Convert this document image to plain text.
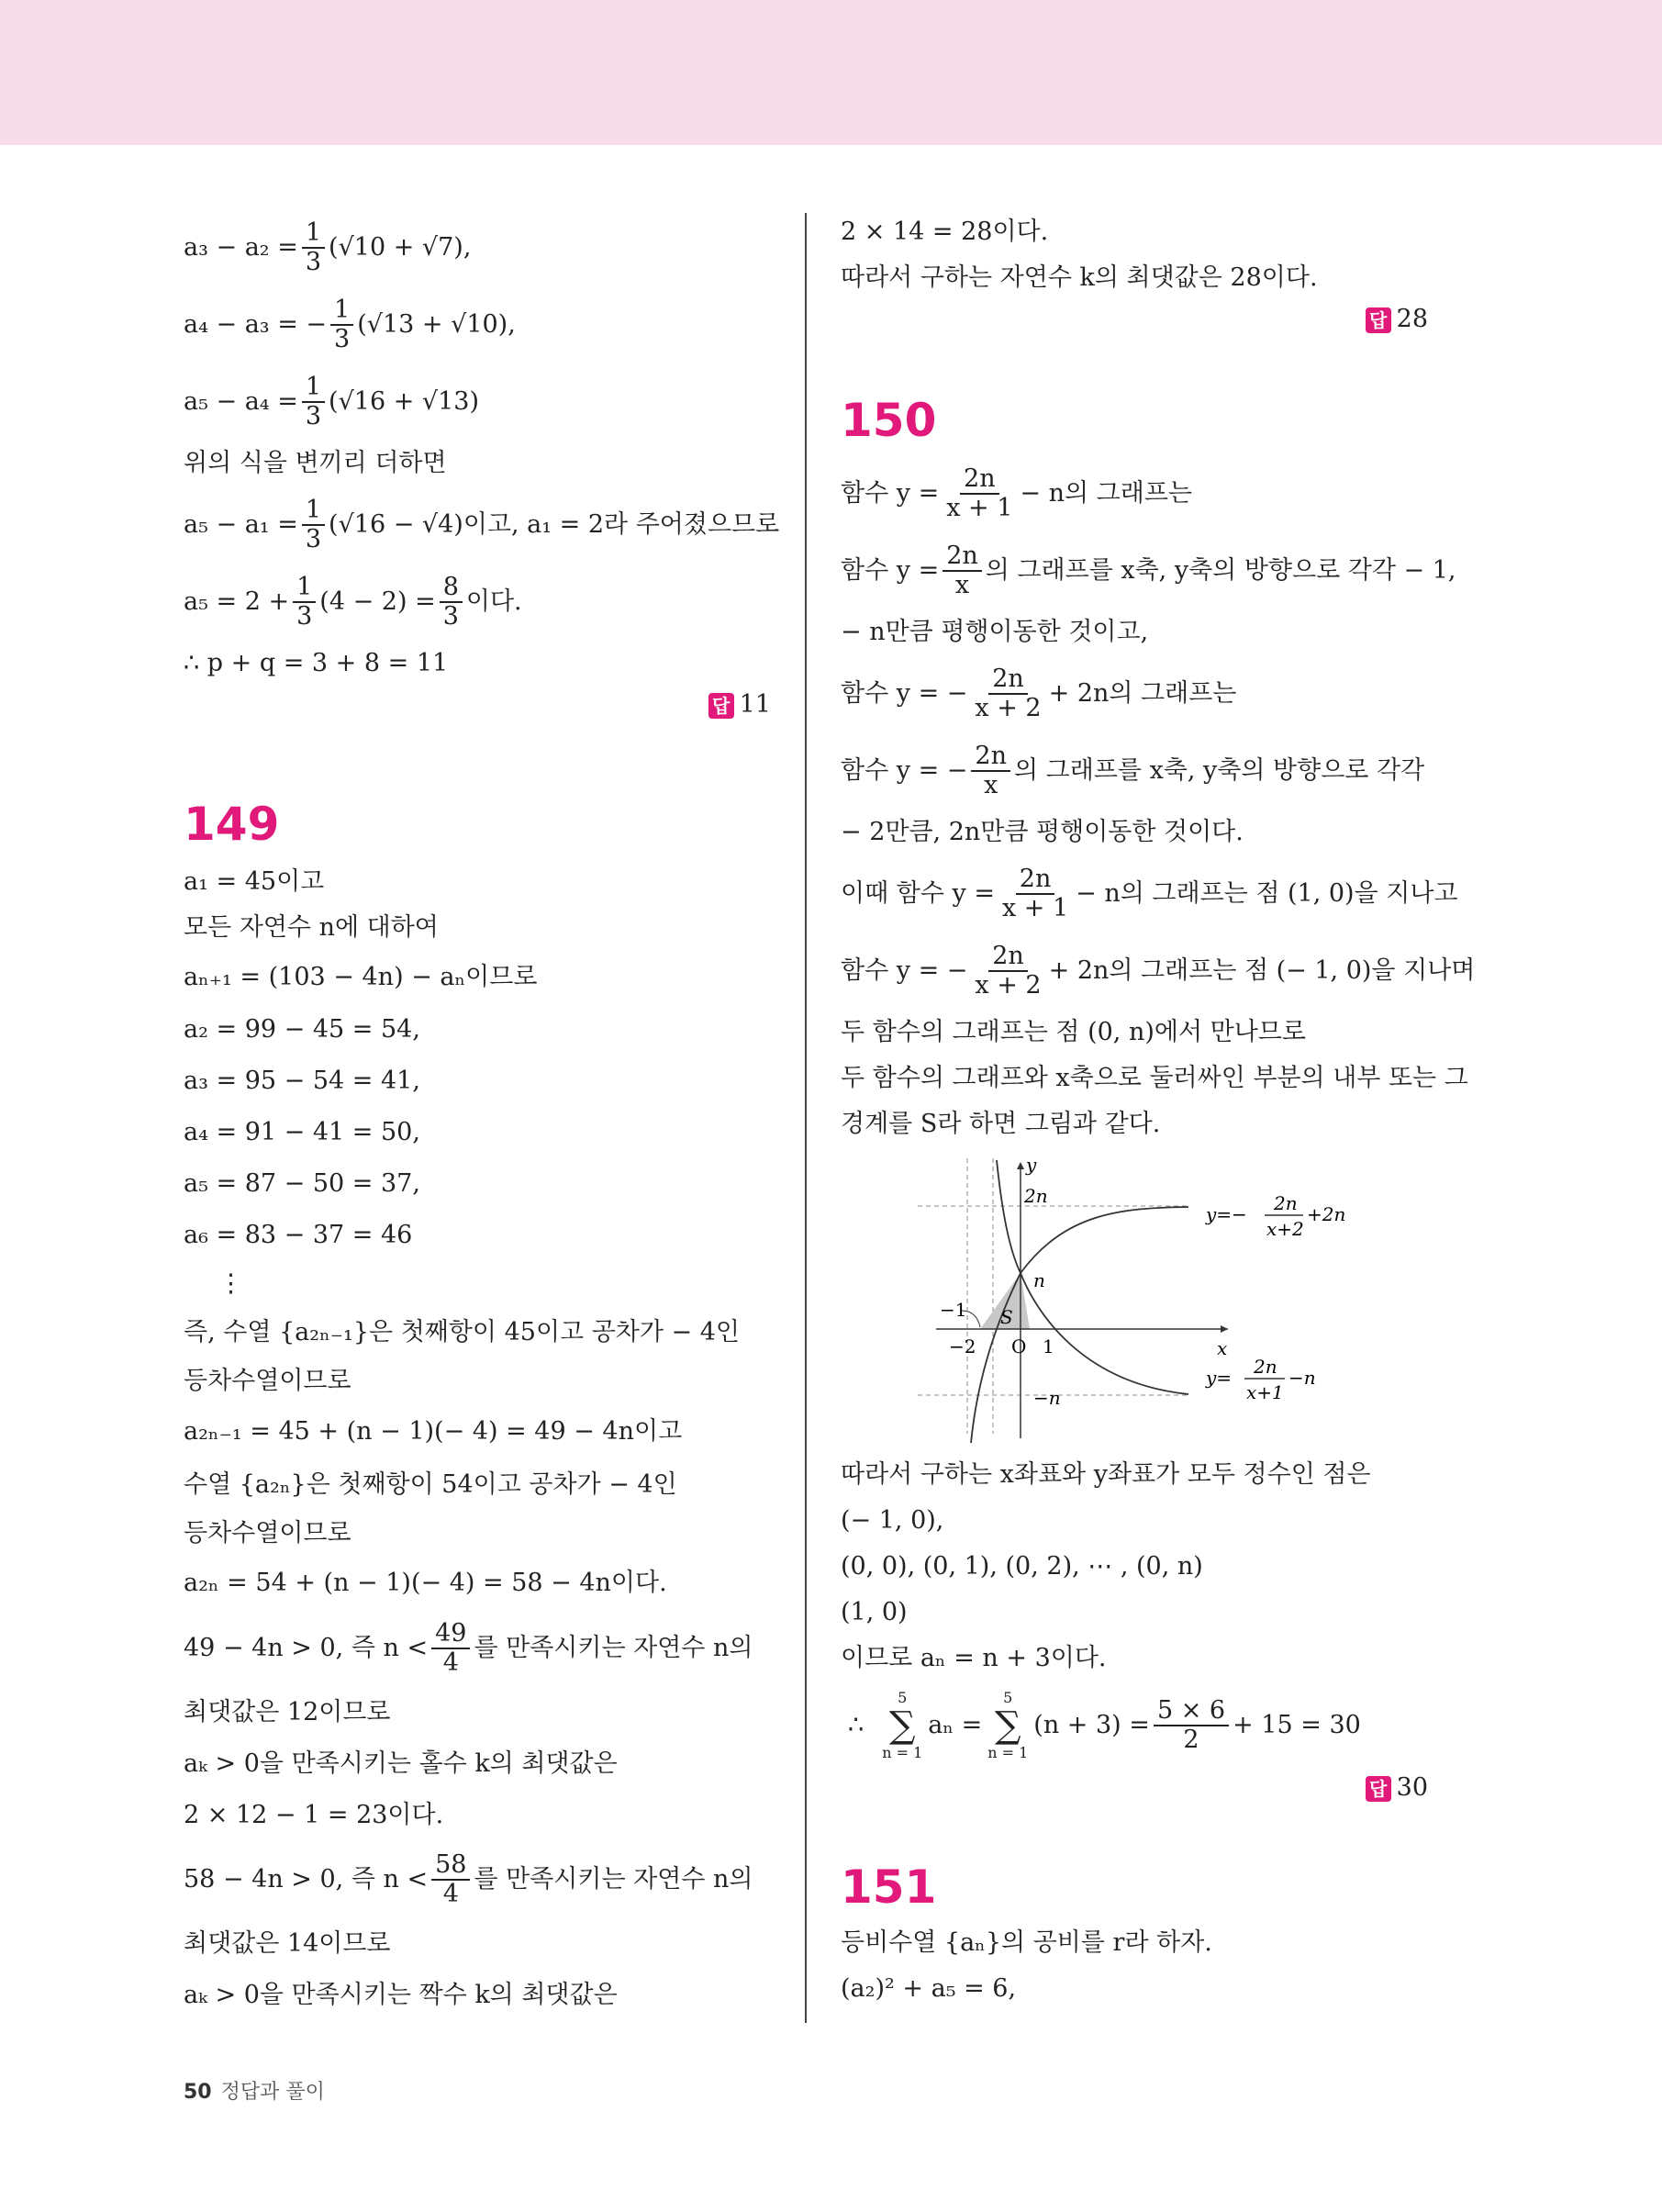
$a_3 - a_2 = \frac{1}{3} (√10 + √7)$,
a₄ − a₃ = − $\frac{1}{3} (√13 + √10)$,
$a_5 - a_4 = \frac{1}{3} (√16 + √13)$
위의 식을 변끼리 더하면
$a_5 - a_1 = \frac{1}{3} (√16 - √4)$이고, a₁ = 2라 주어졌으므로
$a_5 = 2 + \frac{1}{3} (4 - 2) = \frac{8}{3}$ 이다.
∴ p + q = 3 + 8 = 11
답 11
149
a₁ = 45이고
모든 자연수 n에 대하여
aₙ₊₁ = (103 − 4n) − aₙ이므로
a₂ = 99 − 45 = 54,
a₃ = 95 − 54 = 41,
a₄ = 91 − 41 = 50,
a₅ = 87 − 50 = 37,
a₆ = 83 − 37 = 46
⋮
즉, 수열 {a₂ₙ₋₁}은 첫째항이 45이고 공차가 − 4인
등차수열이므로
a₂ₙ₋₁ = 45 + (n − 1)(− 4) = 49 − 4n이고
수열 {a₂ₙ}은 첫째항이 54이고 공차가 − 4인
등차수열이므로
a₂ₙ = 54 + (n − 1)(− 4) = 58 − 4n이다.
49 − 4n > 0, 즉 $n < \frac{49}{4}$ 를 만족시키는 자연수 n의
최댓값은 12이므로
aₖ > 0을 만족시키는 홀수 k의 최댓값은
2 × 12 − 1 = 23이다.
58 − 4n > 0, 즉 $n < \frac{58}{4}$ 를 만족시키는 자연수 n의
최댓값은 14이므로
aₖ > 0을 만족시키는 짝수 k의 최댓값은
2 × 14 = 28이다.
따라서 구하는 자연수 k의 최댓값은 28이다.
답 28
150
함수 $y = \frac{2n}{x + 1} - n$의 그래프는
함수 $y = \frac{2n}{x}$ 의 그래프를 x축, y축의 방향으로 각각 − 1,
− n만큼 평행이동한 것이고,
함수 y = − $\frac{2n}{x + 2} + 2n$의 그래프는
함수 y = − $\frac{2n}{x}$ 의 그래프를 x축, y축의 방향으로 각각
− 2만큼, 2n만큼 평행이동한 것이다.
이때 함수 $y = \frac{2n}{x + 1} - n$의 그래프는 점 (1, 0)을 지나고
함수 y = − $\frac{2n}{x + 2} + 2n$의 그래프는 점 (− 1, 0)을 지나며
두 함수의 그래프는 점 (0, n)에서 만나므로
두 함수의 그래프와 x축으로 둘러싸인 부분의 내부 또는 그
경계를 S라 하면 그림과 같다.
따라서 구하는 x좌표와 y좌표가 모두 정수인 점은
(− 1, 0),
(0, 0), (0, 1), (0, 2), ⋯ , (0, n)
(1, 0)
이므로 aₙ = n + 3이다.
∴
5
∑
n = 1
aₙ =
5
∑
n = 1
$(n + 3) = \frac{5 \times 6}{2} + 15 = 30$
답 30
151
등비수열 {aₙ}의 공비를 r라 하자.
(a₂)² + a₅ = 6,
y
x
2n
n
−n
−1
−2 O 1
S
y=− 2n
x+2
+2n
y= 2n
x+1
−n
50 정답과 풀이
